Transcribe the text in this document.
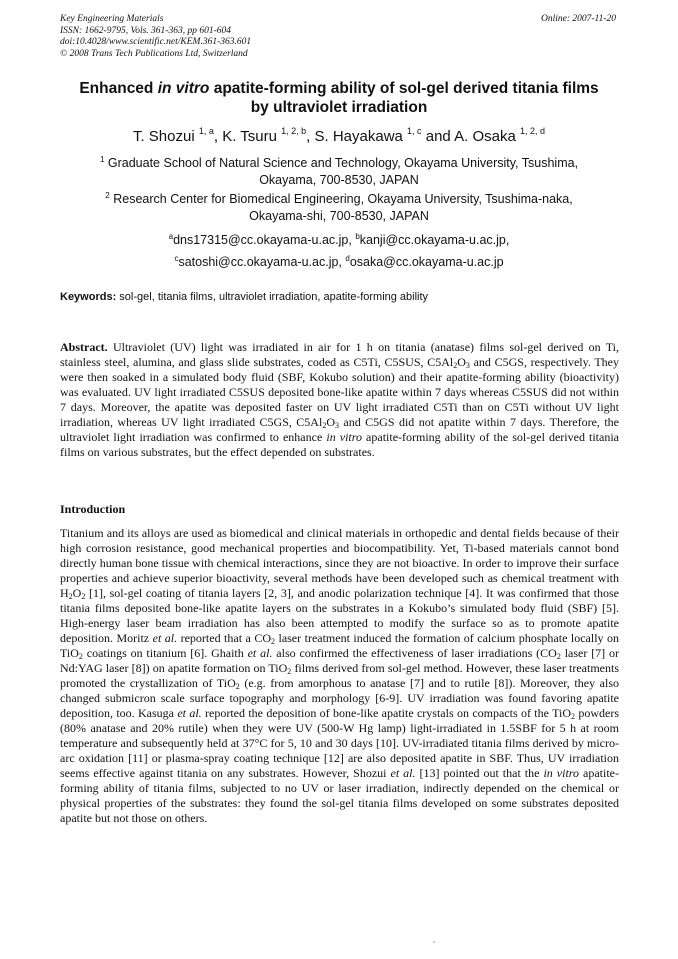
Key Engineering Materials
ISSN: 1662-9795, Vols. 361-363, pp 601-604
doi:10.4028/www.scientific.net/KEM.361-363.601
© 2008 Trans Tech Publications Ltd, Switzerland
Online: 2007-11-20
Enhanced in vitro apatite-forming ability of sol-gel derived titania films
by ultraviolet irradiation
T. Shozui $^{1, a}$, K. Tsuru $^{1, 2, b}$, S. Hayakawa $^{1, c}$ and A. Osaka $^{1, 2, d}$
$^1$ Graduate School of Natural Science and Technology, Okayama University, Tsushima,
Okayama, 700-8530, JAPAN
$^2$ Research Center for Biomedical Engineering, Okayama University, Tsushima-naka,
Okayama-shi, 700-8530, JAPAN
$^a$dns17315@cc.okayama-u.ac.jp, $^b$kanji@cc.okayama-u.ac.jp,
$^c$satoshi@cc.okayama-u.ac.jp, $^d$osaka@cc.okayama-u.ac.jp
Keywords: sol-gel, titania films, ultraviolet irradiation, apatite-forming ability
Abstract. Ultraviolet (UV) light was irradiated in air for 1 h on titania (anatase) films sol-gel derived on Ti, stainless steel, alumina, and glass slide substrates, coded as C5Ti, C5SUS, $C5Al_2O_3$ and C5GS, respectively. They were then soaked in a simulated body fluid (SBF, Kokubo solution) and their apatite-forming ability (bioactivity) was evaluated. UV light irradiated C5SUS deposited bone-like apatite within 7 days whereas C5SUS did not within 7 days. Moreover, the apatite was deposited faster on UV light irradiated C5Ti than on C5Ti without UV light irradiation, whereas UV light irradiated C5GS, $C5Al_2O_3$ and C5GS did not apatite within 7 days. Therefore, the ultraviolet light irradiation was confirmed to enhance in vitro apatite-forming ability of the sol-gel derived titania films on various substrates, but the effect depended on substrates.
Introduction
Titanium and its alloys are used as biomedical and clinical materials in orthopedic and dental fields because of their high corrosion resistance, good mechanical properties and biocompatibility. Yet, Ti-based materials cannot bond directly human bone tissue with chemical interactions, since they are not bioactive. In order to improve their surface properties and achieve superior bioactivity, several methods have been developed such as chemical treatment with $H_2O_2$ [1], sol-gel coating of titania layers [2, 3], and anodic polarization technique [4]. It was confirmed that those titania films deposited bone-like apatite layers on the substrates in a Kokubo’s simulated body fluid (SBF) [5]. High-energy laser beam irradiation has also been attempted to modify the surface so as to promote apatite deposition. Moritz et al. reported that a $CO_2$ laser treatment induced the formation of calcium phosphate locally on TiO$_2$ coatings on titanium [6]. Ghaith et al. also confirmed the effectiveness of laser irradiations ($CO_2$ laser [7] or Nd:YAG laser [8]) on apatite formation on TiO$_2$ films derived from sol-gel method. However, these laser treatments promoted the crystallization of TiO$_2$ (e.g. from amorphous to anatase [7] and to rutile [8]). Moreover, they also changed submicron scale surface topography and morphology [6-9]. UV irradiation was found favoring apatite deposition, too. Kasuga et al. reported the deposition of bone-like apatite crystals on compacts of the TiO$_2$ powders (80% anatase and 20% rutile) when they were UV (500-W Hg lamp) light-irradiated in 1.5SBF for 5 h at room temperature and subsequently held at 37°C for 5, 10 and 30 days [10]. UV-irradiated titania films derived by micro-arc oxidation [11] or plasma-spray coating technique [12] are also deposited apatite in SBF. Thus, UV irradiation seems effective against titania on any substrates. However, Shozui et al. [13] pointed out that the in vitro apatite-forming ability of titania films, subjected to no UV or laser irradiation, indirectly depended on the chemical or physical properties of the substrates: they found the sol-gel titania films developed on some substrates deposited apatite but not those on others.
